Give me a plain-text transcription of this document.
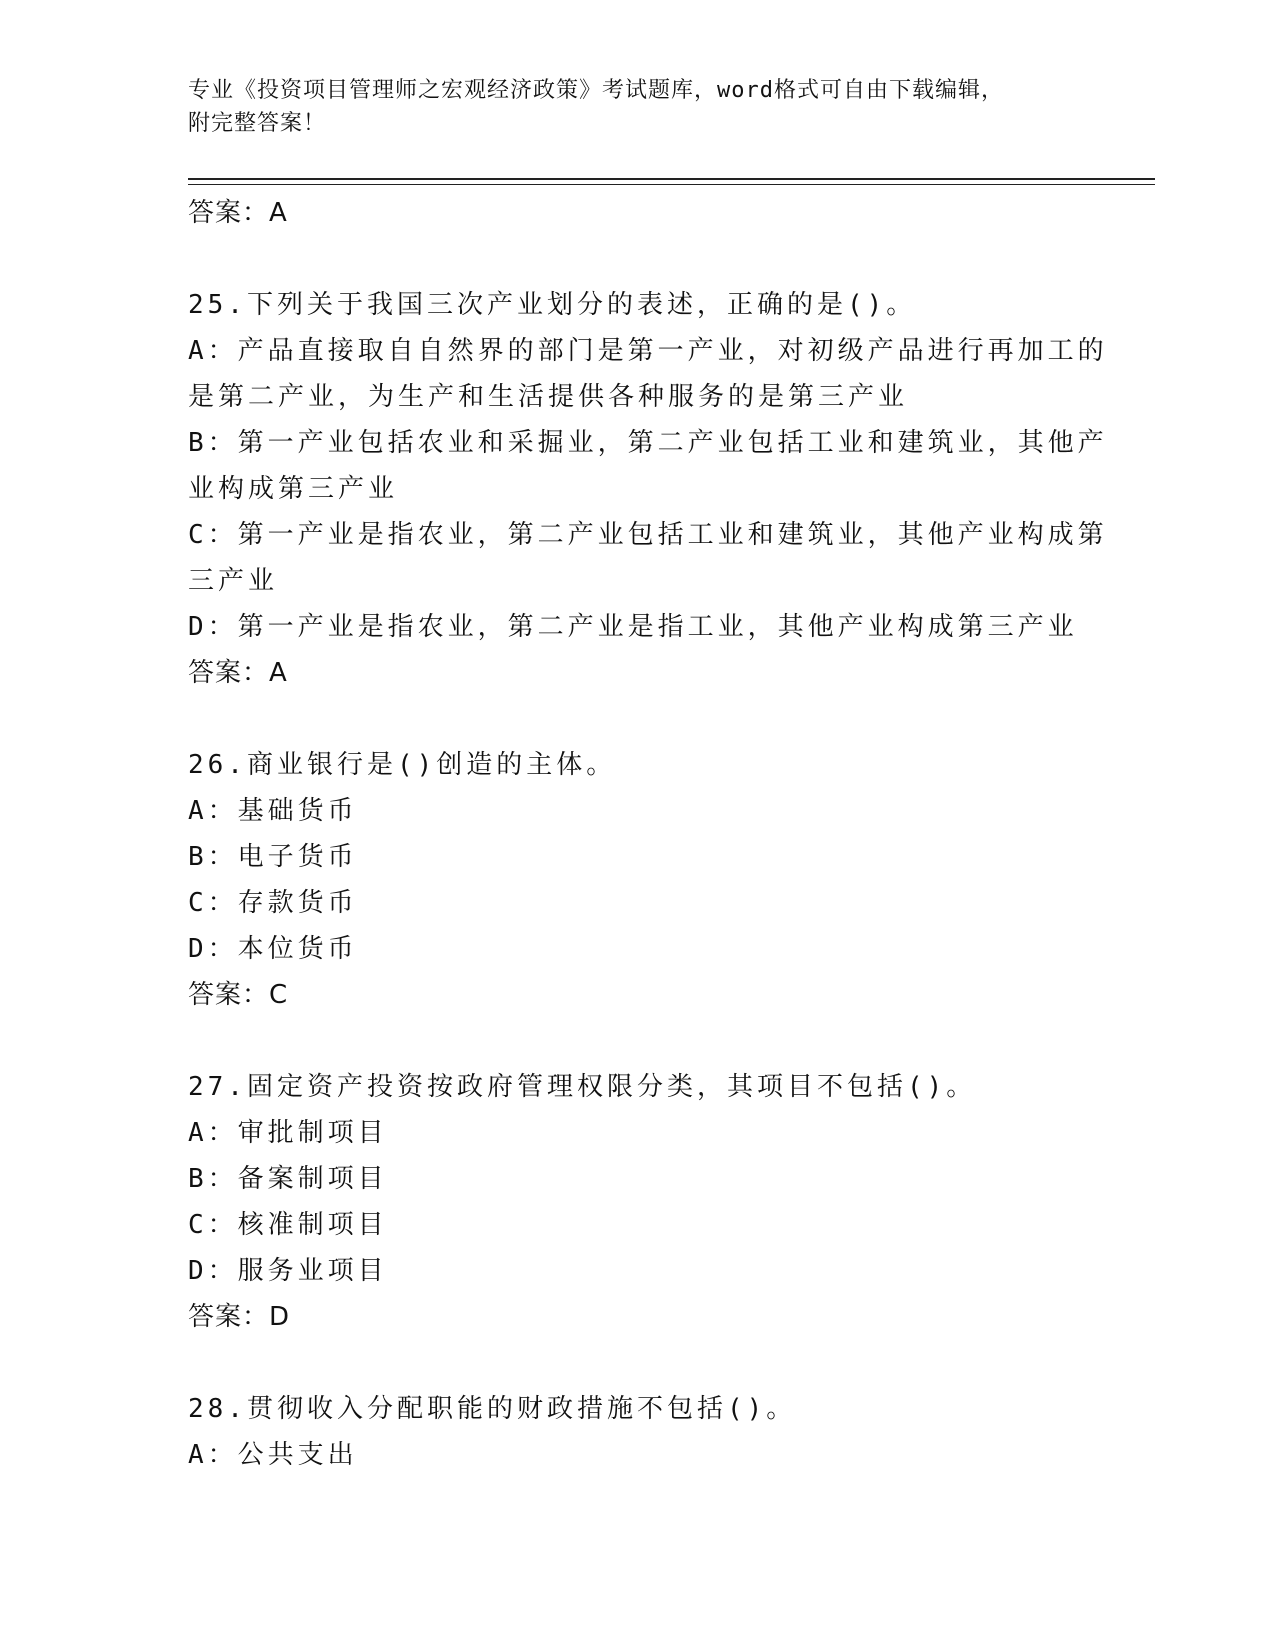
专业《投资项目管理师之宏观经济政策》考试题库，word格式可自由下载编辑，
附完整答案！

答案：A

25.下列关于我国三次产业划分的表述，正确的是()。

A：产品直接取自自然界的部门是第一产业，对初级产品进行再加工的

是第二产业，为生产和生活提供各种服务的是第三产业

B：第一产业包括农业和采掘业，第二产业包括工业和建筑业，其他产

业构成第三产业

C：第一产业是指农业，第二产业包括工业和建筑业，其他产业构成第

三产业

D：第一产业是指农业，第二产业是指工业，其他产业构成第三产业

答案：A

26.商业银行是()创造的主体。

A：基础货币

B：电子货币

C：存款货币

D：本位货币

答案：C

27.固定资产投资按政府管理权限分类，其项目不包括()。

A：审批制项目

B：备案制项目

C：核准制项目

D：服务业项目

答案：D

28.贯彻收入分配职能的财政措施不包括()。

A：公共支出
